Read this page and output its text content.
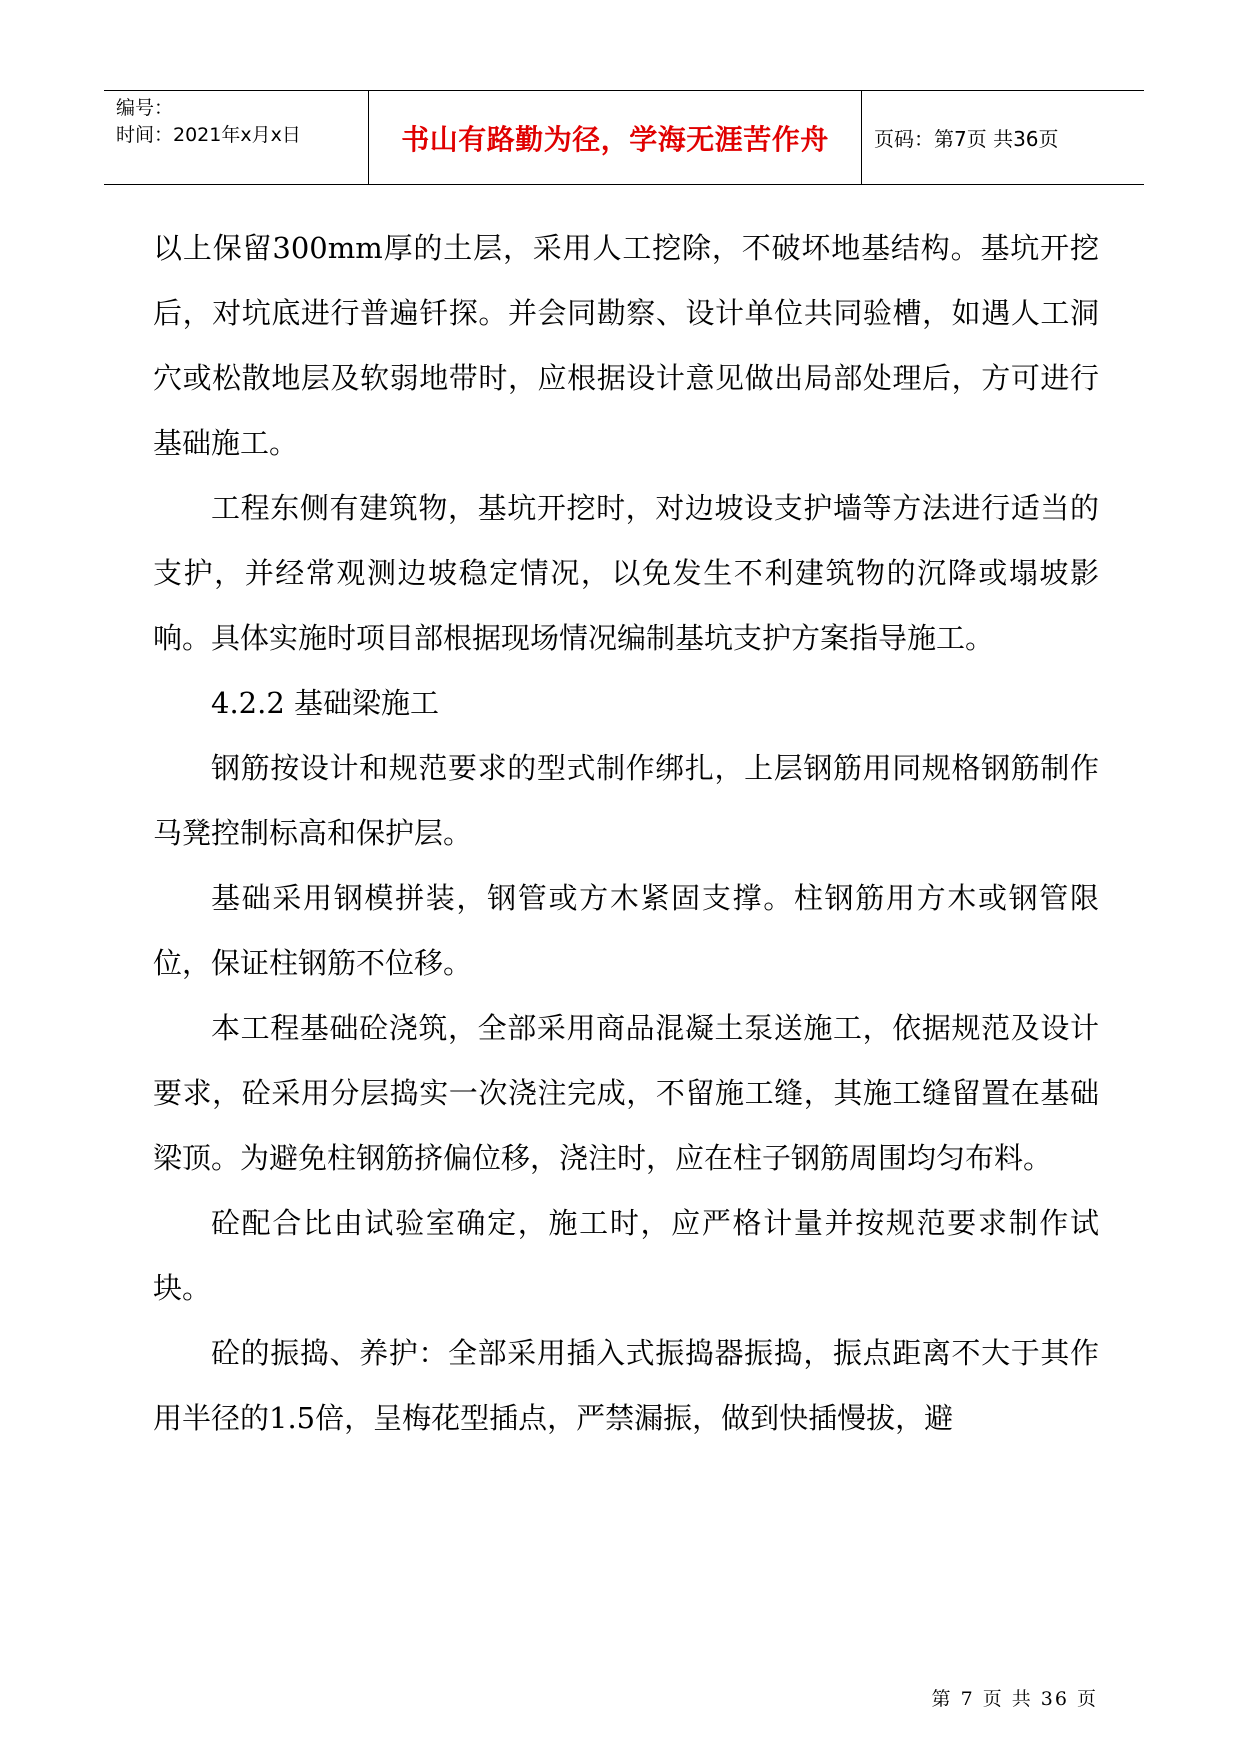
编号：
时间：2021年x月x日	书山有路勤为径，学海无涯苦作舟	页码：第7页 共36页

以上保留300mm厚的土层，采用人工挖除，不破坏地基结构。基坑开挖后，对坑底进行普遍钎探。并会同勘察、设计单位共同验槽，如遇人工洞穴或松散地层及软弱地带时，应根据设计意见做出局部处理后，方可进行基础施工。

工程东侧有建筑物，基坑开挖时，对边坡设支护墙等方法进行适当的支护，并经常观测边坡稳定情况，以免发生不利建筑物的沉降或塌坡影响。具体实施时项目部根据现场情况编制基坑支护方案指导施工。

4.2.2 基础梁施工

钢筋按设计和规范要求的型式制作绑扎，上层钢筋用同规格钢筋制作马凳控制标高和保护层。

基础采用钢模拼装，钢管或方木紧固支撑。柱钢筋用方木或钢管限位，保证柱钢筋不位移。

本工程基础砼浇筑，全部采用商品混凝土泵送施工，依据规范及设计要求，砼采用分层捣实一次浇注完成，不留施工缝，其施工缝留置在基础梁顶。为避免柱钢筋挤偏位移，浇注时，应在柱子钢筋周围均匀布料。

砼配合比由试验室确定，施工时，应严格计量并按规范要求制作试块。

砼的振捣、养护：全部采用插入式振捣器振捣，振点距离不大于其作用半径的1.5倍，呈梅花型插点，严禁漏振，做到快插慢拔，避

第 7 页 共 36 页
